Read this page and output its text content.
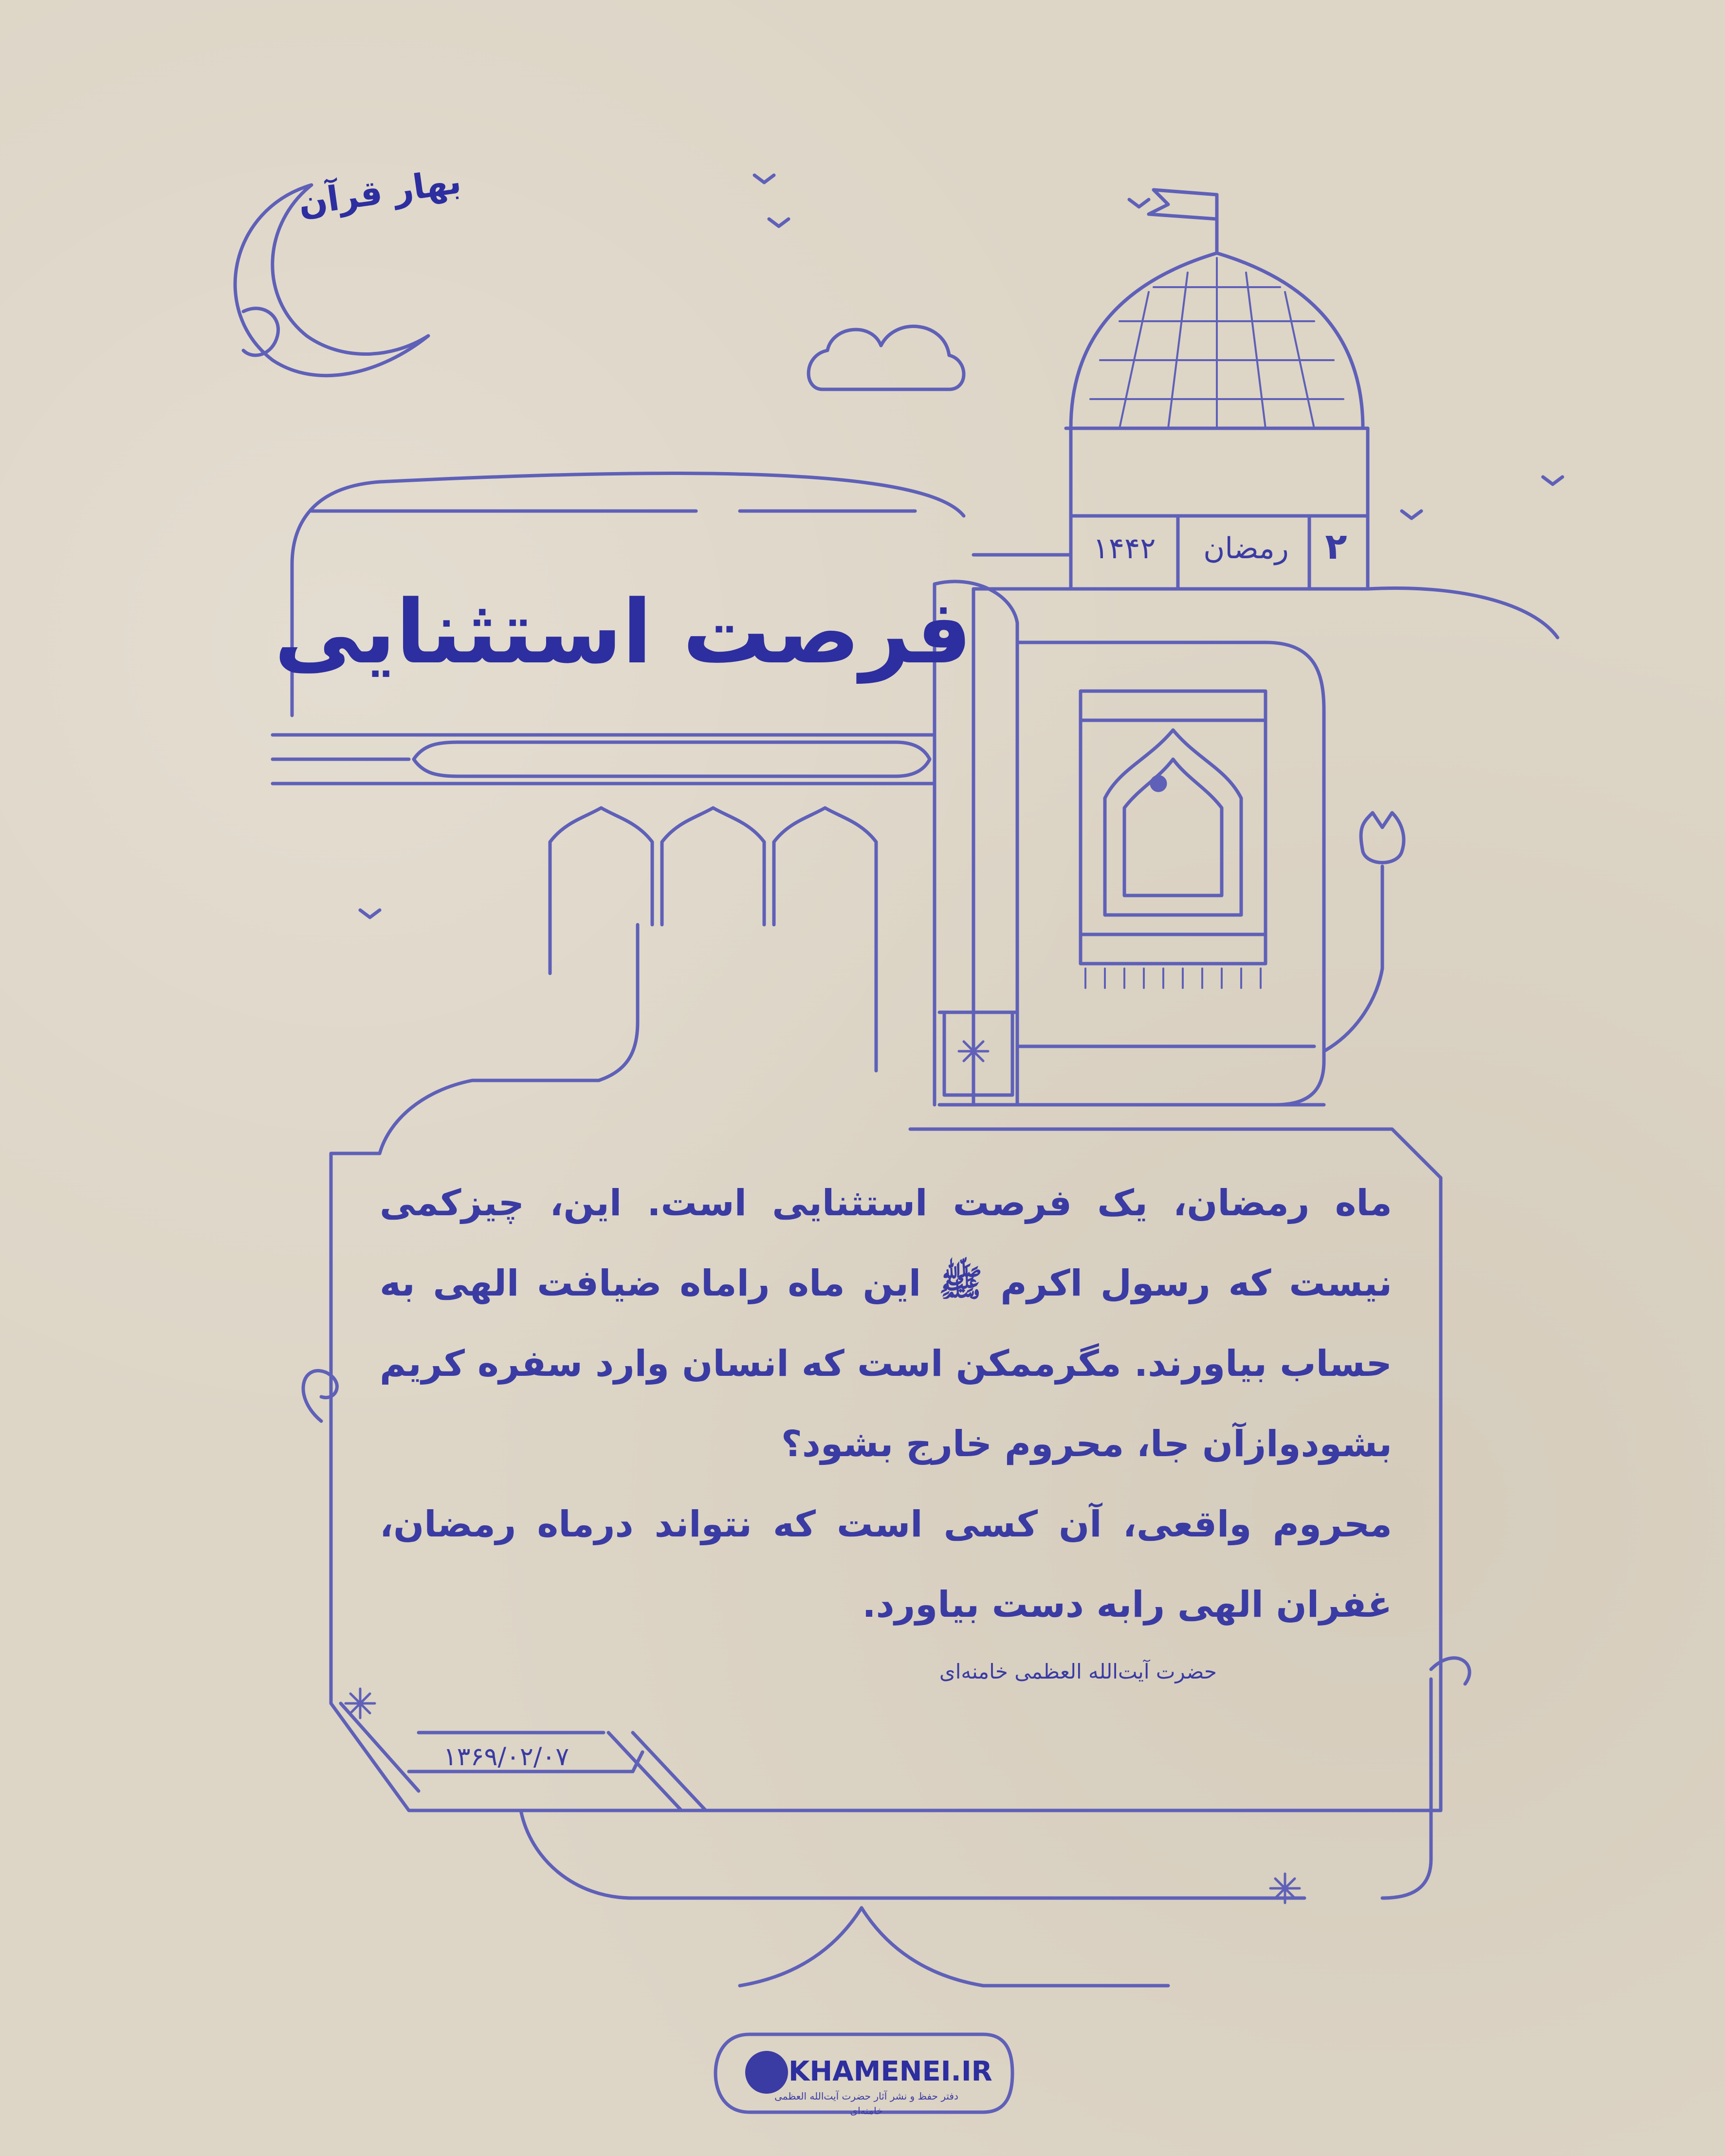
بهار قرآن
۲
رمضان
۱۴۴۲
فرصت استثنایی

ماه رمضان، یک فرصت استثنایی است. این، چیزکمی نیست که رسول اکرم ﷺ این ماه راماه ضیافت الهی به حساب بیاورند. مگرممکن است که انسان وارد سفره کریم بشودوازآن جا، محروم خارج بشود؟

محروم واقعی، آن کسی است که نتواند درماه رمضان، غفران الهی رابه دست بیاورد.

حضرت آیت‌الله العظمی خامنه‌ای
۱۳۶۹/۰۲/۰۷
KHAMENEI.IR
دفتر حفظ و نشر آثار حضرت آیت‌الله العظمی خامنه‌ای
